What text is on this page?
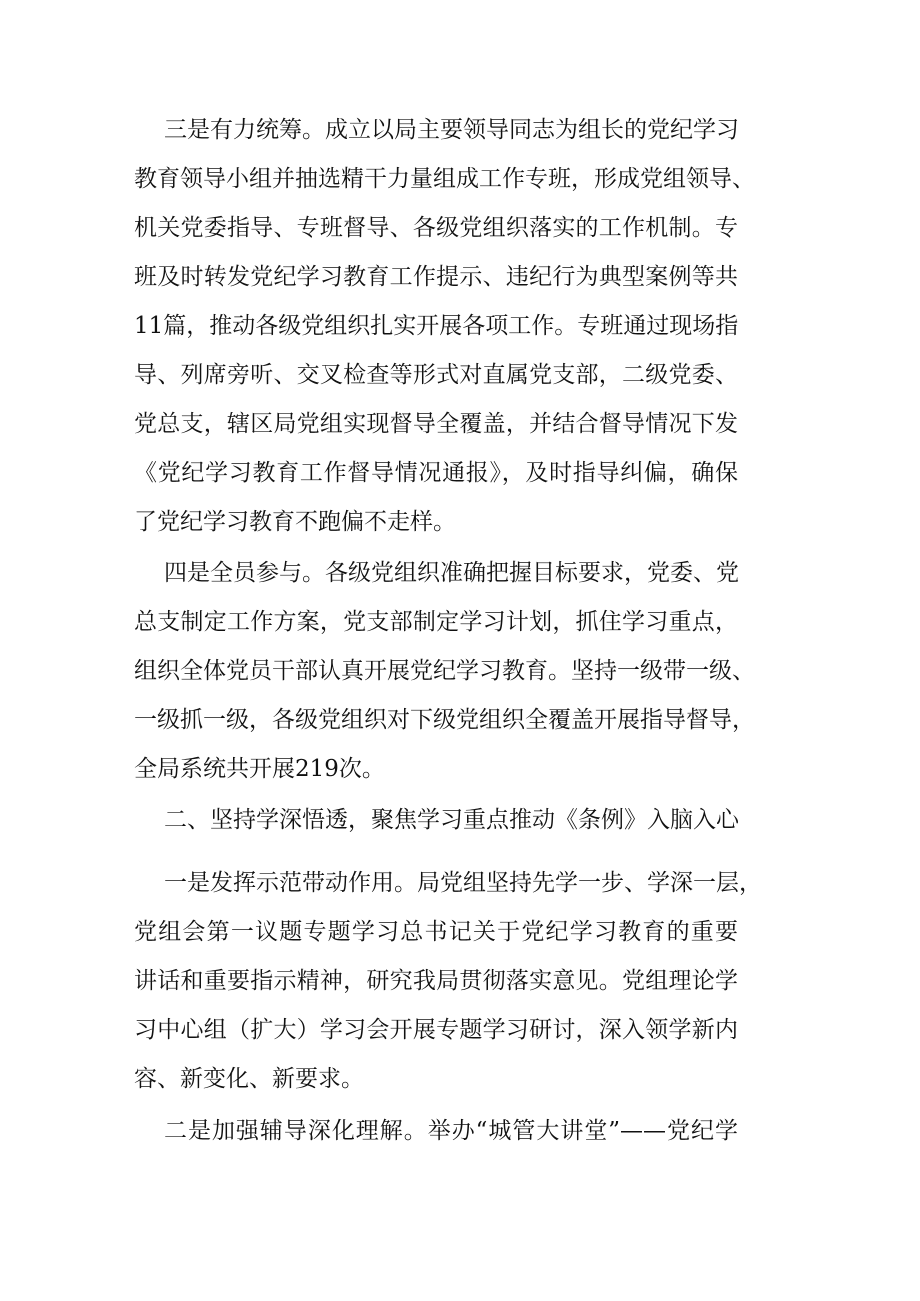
三是有力统筹。成立以局主要领导同志为组长的党纪学习
教育领导小组并抽选精干力量组成工作专班，形成党组领导、
机关党委指导、专班督导、各级党组织落实的工作机制。专
班及时转发党纪学习教育工作提示、违纪行为典型案例等共
11篇，推动各级党组织扎实开展各项工作。专班通过现场指
导、列席旁听、交叉检查等形式对直属党支部，二级党委、
党总支，辖区局党组实现督导全覆盖，并结合督导情况下发
《党纪学习教育工作督导情况通报》，及时指导纠偏，确保
了党纪学习教育不跑偏不走样。
四是全员参与。各级党组织准确把握目标要求，党委、党
总支制定工作方案，党支部制定学习计划，抓住学习重点，
组织全体党员干部认真开展党纪学习教育。坚持一级带一级、
一级抓一级，各级党组织对下级党组织全覆盖开展指导督导，
全局系统共开展219次。
二、坚持学深悟透，聚焦学习重点推动《条例》入脑入心
一是发挥示范带动作用。局党组坚持先学一步、学深一层，
党组会第一议题专题学习总书记关于党纪学习教育的重要
讲话和重要指示精神，研究我局贯彻落实意见。党组理论学
习中心组（扩大）学习会开展专题学习研讨，深入领学新内
容、新变化、新要求。
二是加强辅导深化理解。举办“城管大讲堂”——党纪学
